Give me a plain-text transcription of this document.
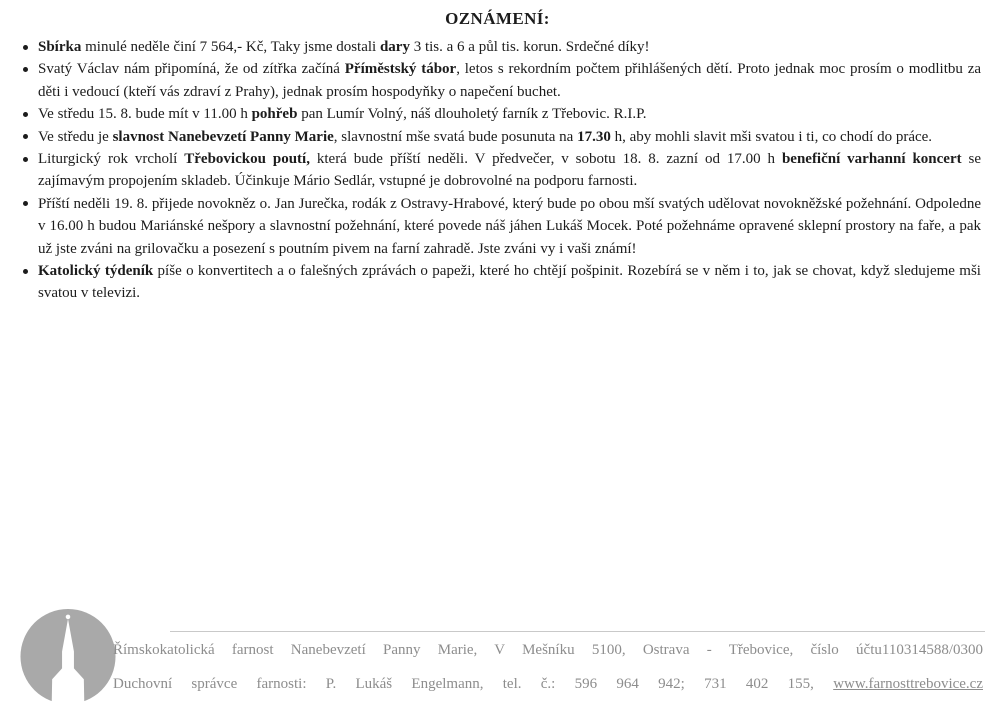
OZNÁMENÍ:
Sbírka minulé neděle činí 7 564,- Kč, Taky jsme dostali dary 3 tis. a 6 a půl tis. korun. Srdečné díky!
Svatý Václav nám připomíná, že od zítřka začíná Příměstský tábor, letos s rekordním počtem přihlášených dětí. Proto jednak moc prosím o modlitbu za děti i vedoucí (kteří vás zdraví z Prahy), jednak prosím hospodyňky o napečení buchet.
Ve středu 15. 8. bude mít v 11.00 h pohřeb pan Lumír Volný, náš dlouholetý farník z Třebovic. R.I.P.
Ve středu je slavnost Nanebevzetí Panny Marie, slavnostní mše svatá bude posunuta na 17.30 h, aby mohli slavit mši svatou i ti, co chodí do práce.
Liturgický rok vrcholí Třebovickou poutí, která bude příští neděli. V předvečer, v sobotu 18. 8. zazní od 17.00 h benefiční varhanní koncert se zajímavým propojením skladeb. Účinkuje Mário Sedlár, vstupné je dobrovolné na podporu farnosti.
Příští neděli 19. 8. přijede novokněz o. Jan Jurečka, rodák z Ostravy-Hrabové, který bude po obou mší svatých udělovat novokněžské požehnání. Odpoledne v 16.00 h budou Mariánské nešpory a slavnostní požehnání, které povede náš jáhen Lukáš Mocek. Poté požehnáme opravené sklepní prostory na faře, a pak už jste zváni na grilovačku a posezení s poutním pivem na farní zahradě. Jste zváni vy i vaši známí!
Katolický týdeník píše o konvertitech a o falešných zprávách o papeži, které ho chtějí pošpinit. Rozebírá se v něm i to, jak se chovat, když sledujeme mši svatou v televizi.
Římskokatolická farnost Nanebevzetí Panny Marie, V Mešníku 5100, Ostrava - Třebovice, číslo účtu110314588/0300
Duchovní správce farnosti: P. Lukáš Engelmann, tel. č.: 596 964 942; 731 402 155, www.farnosttrebovice.cz
